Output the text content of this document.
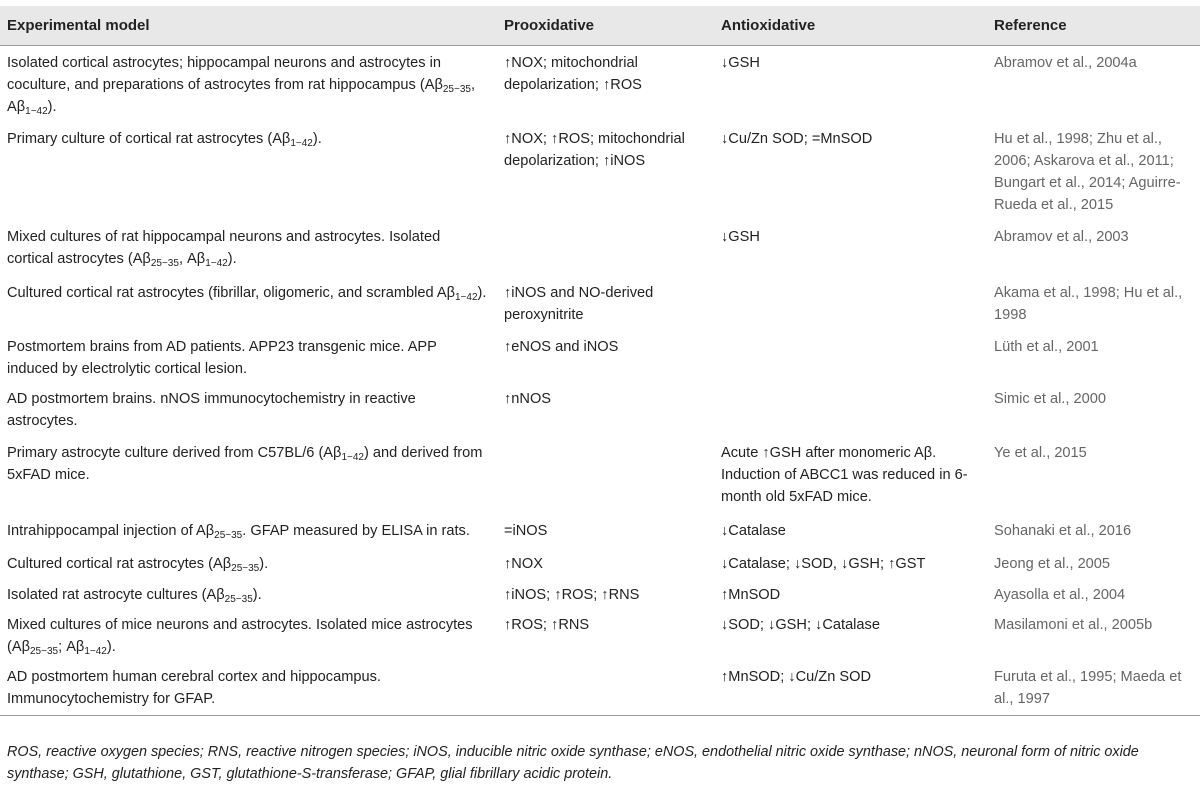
Experimental model	Prooxidative	Antioxidative	Reference
Isolated cortical astrocytes; hippocampal neurons and astrocytes in coculture, and preparations of astrocytes from rat hippocampus ($A\beta_{25-35}$, $A\beta_{1-42}$).	↑NOX; mitochondrial depolarization; ↑ROS	↓GSH	Abramov et al., 2004a
Primary culture of cortical rat astrocytes $(A\beta_{1-42})$.	↑NOX; ↑ROS; mitochondrial depolarization; ↑iNOS	↓Cu/Zn SOD; =MnSOD	Hu et al., 1998; Zhu et al., 2006; Askarova et al., 2011; Bungart et al., 2014; Aguirre-Rueda et al., 2015
Mixed cultures of rat hippocampal neurons and astrocytes. Isolated cortical astrocytes ($A\beta_{25-35}$, $A\beta_{1-42}$).		↓GSH	Abramov et al., 2003
Cultured cortical rat astrocytes (fibrillar, oligomeric, and scrambled $A\beta_{1-42}$).	↑iNOS and NO-derived peroxynitrite		Akama et al., 1998; Hu et al., 1998
Postmortem brains from AD patients. APP23 transgenic mice. APP induced by electrolytic cortical lesion.	↑eNOS and iNOS		Lüth et al., 2001
AD postmortem brains. nNOS immunocytochemistry in reactive astrocytes.	↑nNOS		Simic et al., 2000
Primary astrocyte culture derived from C57BL/6 $(A\beta_{1-42})$ and derived from 5xFAD mice.		Acute ↑GSH after monomeric Aβ. Induction of ABCC1 was reduced in 6-month old 5xFAD mice.	Ye et al., 2015
Intrahippocampal injection of $A\beta_{25-35}$. GFAP measured by ELISA in rats.	=iNOS	↓Catalase	Sohanaki et al., 2016
Cultured cortical rat astrocytes $(A\beta_{25-35})$.	↑NOX	↓Catalase; ↓SOD, ↓GSH; ↑GST	Jeong et al., 2005
Isolated rat astrocyte cultures $(A\beta_{25-35})$.	↑iNOS; ↑ROS; ↑RNS	↑MnSOD	Ayasolla et al., 2004
Mixed cultures of mice neurons and astrocytes. Isolated mice astrocytes ($A\beta_{25-35}$; $A\beta_{1-42}$).	↑ROS; ↑RNS	↓SOD; ↓GSH; ↓Catalase	Masilamoni et al., 2005b
AD postmortem human cerebral cortex and hippocampus. Immunocytochemistry for GFAP.		↑MnSOD; ↓Cu/Zn SOD	Furuta et al., 1995; Maeda et al., 1997
ROS, reactive oxygen species; RNS, reactive nitrogen species; iNOS, inducible nitric oxide synthase; eNOS, endothelial nitric oxide synthase; nNOS, neuronal form of nitric oxide synthase; GSH, glutathione, GST, glutathione-S-transferase; GFAP, glial fibrillary acidic protein.
